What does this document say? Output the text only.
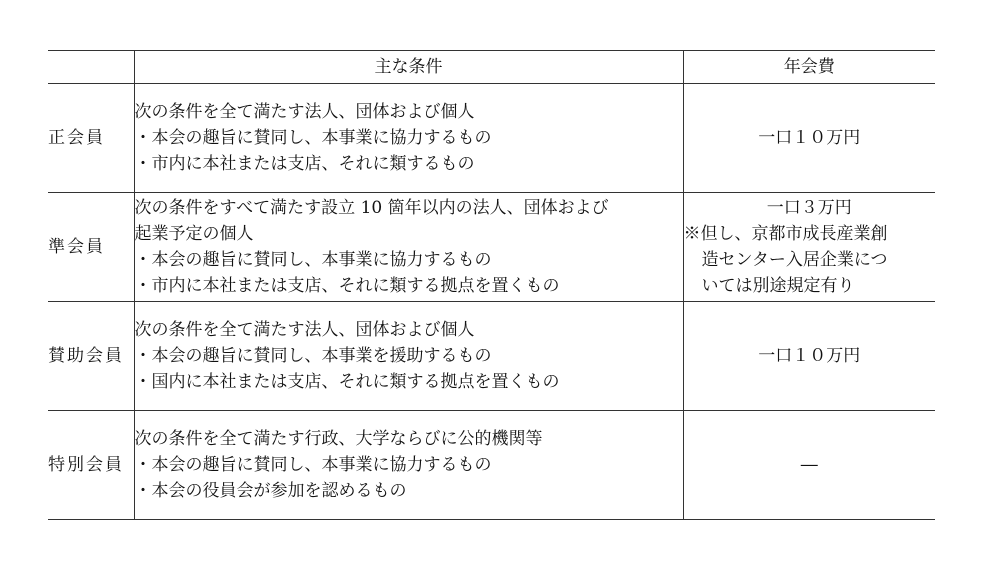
	主な条件	年会費
正会員	次の条件を全て満たす法人、団体および個人
・本会の趣旨に賛同し、本事業に協力するもの
・市内に本社または支店、それに類するもの	一口１０万円

準会員	次の条件をすべて満たす設立 10 箇年以内の法人、団体および
起業予定の個人
・本会の趣旨に賛同し、本事業に協力するもの
・市内に本社または支店、それに類する拠点を置くもの	一口３万円
※但し、京都市成長産業創
造センター入居企業につ
いては別途規定有り

賛助会員	次の条件を全て満たす法人、団体および個人
・本会の趣旨に賛同し、本事業を援助するもの
・国内に本社または支店、それに類する拠点を置くもの	一口１０万円

特別会員	次の条件を全て満たす行政、大学ならびに公的機関等
・本会の趣旨に賛同し、本事業に協力するもの
・本会の役員会が参加を認めるもの	―
